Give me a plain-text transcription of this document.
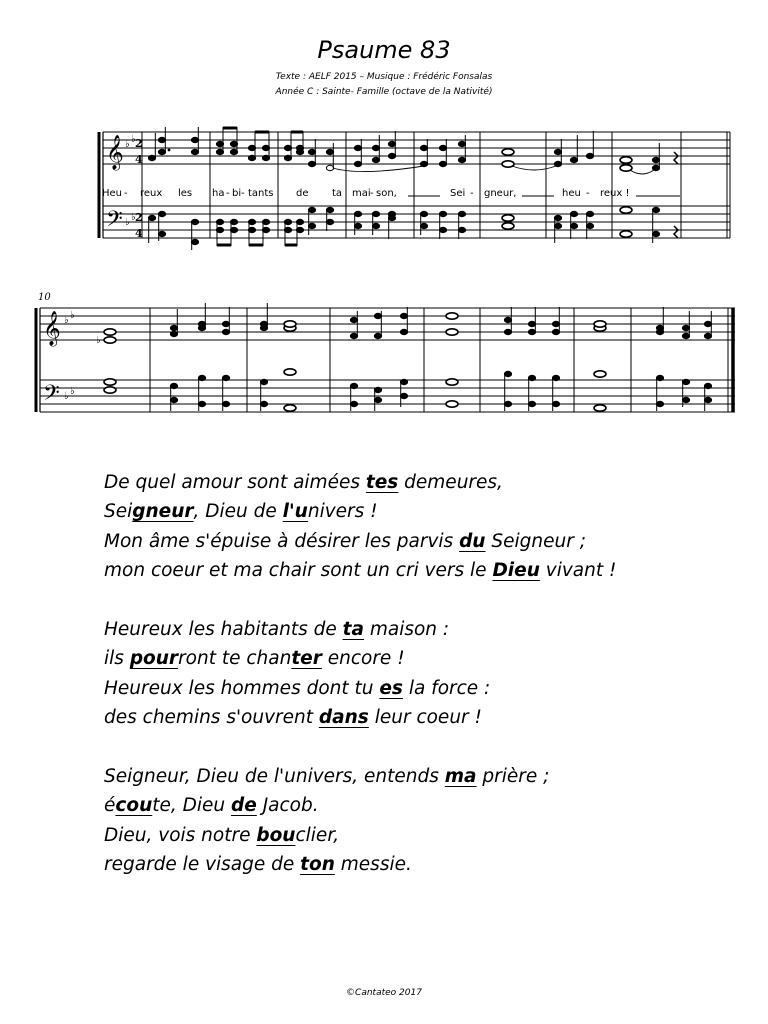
Psaume 83
Texte : AELF 2015 – Musique : Frédéric Fonsalas
Année C : Sainte- Famille (octave de la Nativité)
𝄞
𝄢
♭ ♭
♭ ♭
2
4
2
4
Heu - reux les ha - bi - tants de ta mai - son,	Sei - gneur,	heu - reux !
10
𝄞
𝄢
♭ ♭
♭ ♭
♭
De quel amour sont aimées tes demeures,
Seigneur, Dieu de l'univers !
Mon âme s'épuise à désirer les parvis du Seigneur ;
mon coeur et ma chair sont un cri vers le Dieu vivant !
Heureux les habitants de ta maison :
ils pourront te chanter encore !
Heureux les hommes dont tu es la force :
des chemins s'ouvrent dans leur coeur !
Seigneur, Dieu de l'univers, entends ma prière ;
écoute, Dieu de Jacob.
Dieu, vois notre bouclier,
regarde le visage de ton messie.
©Cantateo 2017
